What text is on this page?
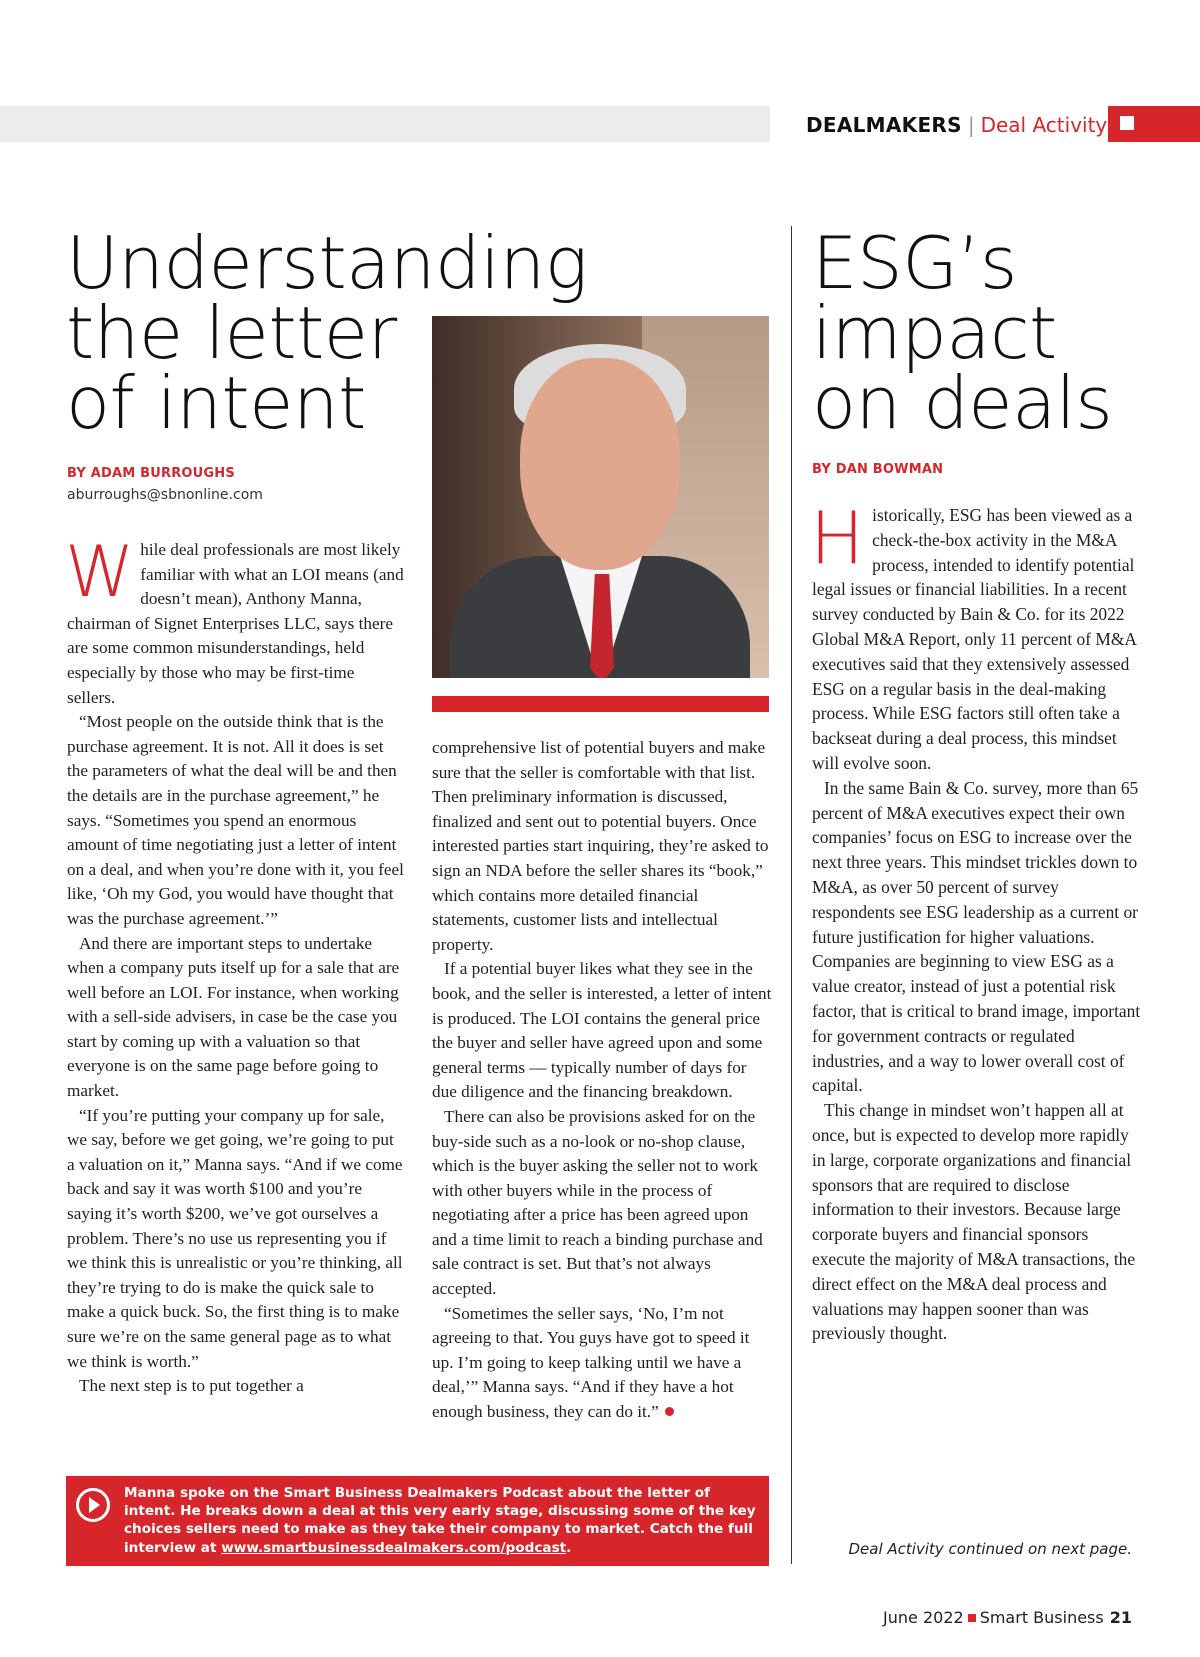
DEALMAKERS | Deal Activity
Understanding
the letter
of intent
BY ADAM BURROUGHS
aburroughs@sbnonline.com

While deal professionals are most likely familiar with what an LOI means (and doesn’t mean), Anthony Manna, chairman of Signet Enterprises LLC, says there are some common misunderstandings, held especially by those who may be first-time sellers.

“Most people on the outside think that is the purchase agreement. It is not. All it does is set the parameters of what the deal will be and then the details are in the purchase agreement,” he says. “Sometimes you spend an enormous amount of time negotiating just a letter of intent on a deal, and when you’re done with it, you feel like, ‘Oh my God, you would have thought that was the purchase agreement.’”

And there are important steps to undertake when a company puts itself up for a sale that are well before an LOI. For instance, when working with a sell-side advisers, in case be the case you start by coming up with a valuation so that everyone is on the same page before going to market.

“If you’re putting your company up for sale, we say, before we get going, we’re going to put a valuation on it,” Manna says. “And if we come back and say it was worth $100 and you’re saying it’s worth $200, we’ve got ourselves a problem. There’s no use us representing you if we think this is unrealistic or you’re thinking, all they’re trying to do is make the quick sale to make a quick buck. So, the first thing is to make sure we’re on the same general page as to what we think is worth.”

The next step is to put together a

comprehensive list of potential buyers and make sure that the seller is comfortable with that list. Then preliminary information is discussed, finalized and sent out to potential buyers. Once interested parties start inquiring, they’re asked to sign an NDA before the seller shares its “book,” which contains more detailed financial statements, customer lists and intellectual property.

If a potential buyer likes what they see in the book, and the seller is interested, a letter of intent is produced. The LOI contains the general price the buyer and seller have agreed upon and some general terms — typically number of days for due diligence and the financing breakdown.

There can also be provisions asked for on the buy-side such as a no-look or no-shop clause, which is the buyer asking the seller not to work with other buyers while in the process of negotiating after a price has been agreed upon and a time limit to reach a binding purchase and sale contract is set. But that’s not always accepted.

“Sometimes the seller says, ‘No, I’m not agreeing to that. You guys have got to speed it up. I’m going to keep talking until we have a deal,’” Manna says. “And if they have a hot enough business, they can do it.”

Manna spoke on the Smart Business Dealmakers Podcast about the letter of intent. He breaks down a deal at this very early stage, discussing some of the key choices sellers need to make as they take their company to market. Catch the full interview at www.smartbusinessdealmakers.com/podcast.
ESG’s
impact
on deals
BY DAN BOWMAN

Historically, ESG has been viewed as a check-the-box activity in the M&A process, intended to identify potential legal issues or financial liabilities. In a recent survey conducted by Bain & Co. for its 2022 Global M&A Report, only 11 percent of M&A executives said that they extensively assessed ESG on a regular basis in the deal-making process. While ESG factors still often take a backseat during a deal process, this mindset will evolve soon.

In the same Bain & Co. survey, more than 65 percent of M&A executives expect their own companies’ focus on ESG to increase over the next three years. This mindset trickles down to M&A, as over 50 percent of survey respondents see ESG leadership as a current or future justification for higher valuations. Companies are beginning to view ESG as a value creator, instead of just a potential risk factor, that is critical to brand image, important for government contracts or regulated industries, and a way to lower overall cost of capital.

This change in mindset won’t happen all at once, but is expected to develop more rapidly in large, corporate organizations and financial sponsors that are required to disclose information to their investors. Because large corporate buyers and financial sponsors execute the majority of M&A transactions, the direct effect on the M&A deal process and valuations may happen sooner than was previously thought.

Deal Activity continued on next page.
June 2022 Smart Business 21
